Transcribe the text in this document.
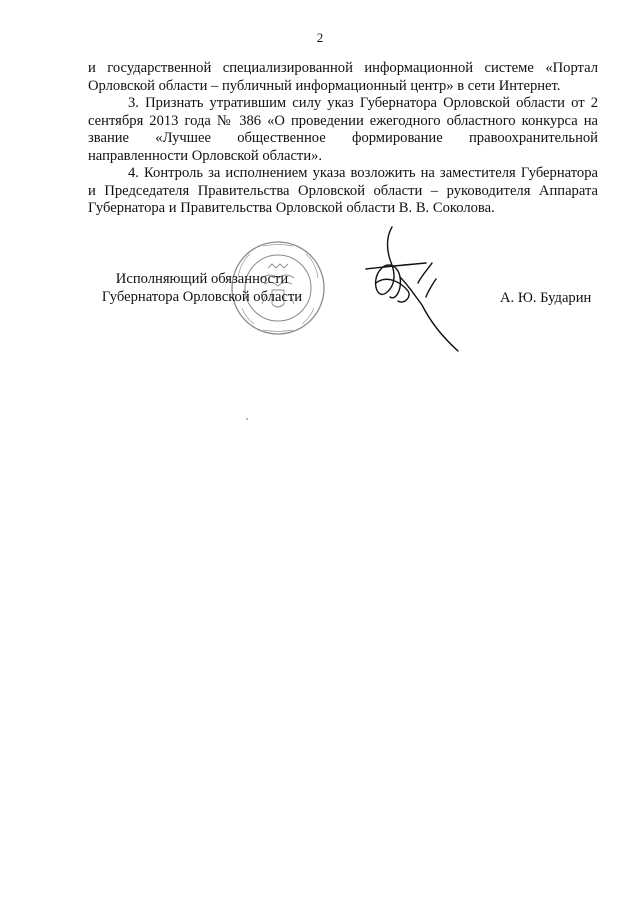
2

и государственной специализированной информационной системе «Портал Орловской области – публичный информационный центр» в сети Интернет.

3. Признать утратившим силу указ Губернатора Орловской области от 2 сентября 2013 года № 386 «О проведении ежегодного областного конкурса на звание «Лучшее общественное формирование правоохранительной направленности Орловской области».

4. Контроль за исполнением указа возложить на заместителя Губернатора и Председателя Правительства Орловской области – руководителя Аппарата Губернатора и Правительства Орловской области В. В. Соколова.

Исполняющий обязанности
Губернатора Орловской области	А. Ю. Бударин
